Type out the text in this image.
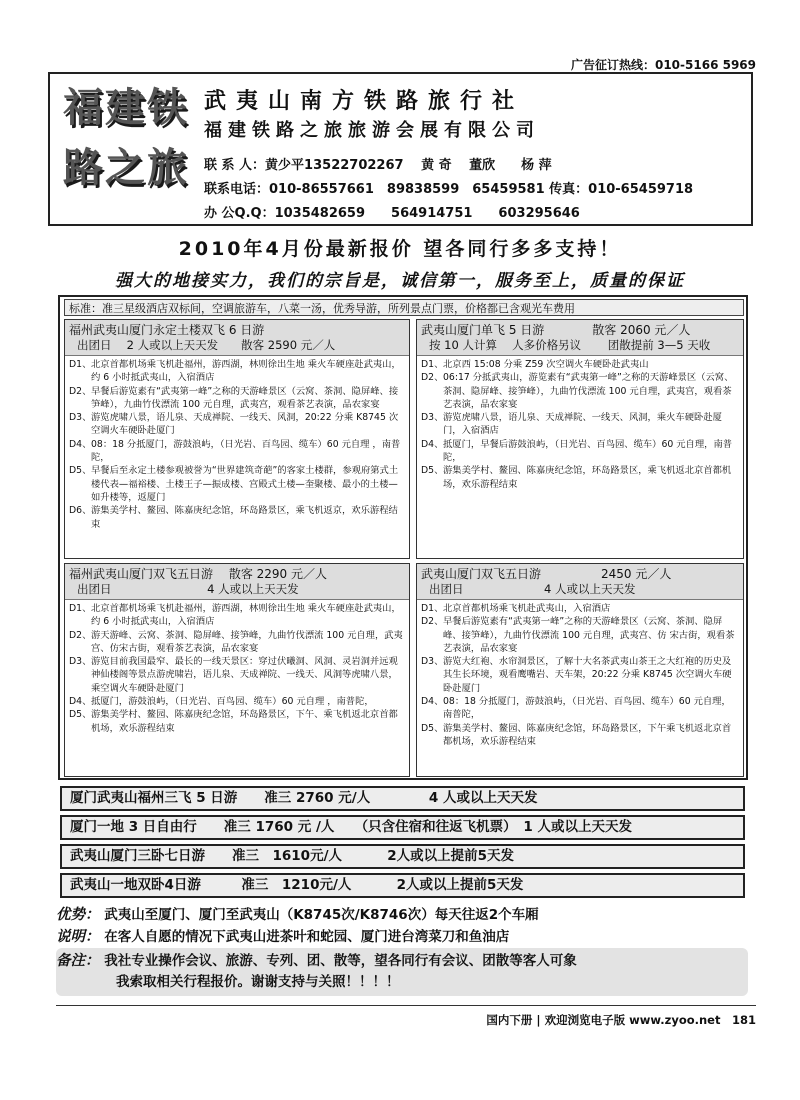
广告征订热线：010-5166 5969
福建铁
路之旅
武夷山南方铁路旅行社
福建铁路之旅旅游会展有限公司
联 系 人：黄少平13522702267　 黄 奇　 董欣　　杨 萍
联系电话：010-86557661　89838599　65459581 传真：010-65459718
办 公Q.Q：1035482659　　564914751　　603295646
2010年4月份最新报价 望各同行多多支持！
强大的地接实力，我们的宗旨是，诚信第一，服务至上，质量的保证
标准：准三星级酒店双标间，空调旅游车，八菜一汤，优秀导游，所列景点门票，价格都已含观光车费用
福州武夷山厦门永定土楼双飞 6 日游
出团日　 2 人或以上天天发　　散客 2590 元／人
D1、北京首都机场乘飞机赴福州，游西湖，林则徐出生地 乘火车硬座赴武夷山，约 6 小时抵武夷山，入宿酒店
D2、早餐后游览素有“武夷第一峰”之称的天游峰景区（云窝、茶洞、隐屏峰、接笋峰），九曲竹伐漂流 100 元自理，武夷宫，观看茶艺表演，品农家宴
D3、游览虎啸八景，语儿泉、天成禅院、一线天、风洞，20:22 分乘 K8745 次空调火车硬卧赴厦门
D4、08：18 分抵厦门，游鼓浪屿，（日光岩、百鸟园、缆车）60 元自理 ，南普陀，
D5、早餐后至永定土楼参观被誉为“世界建筑奇葩”的客家土楼群，参观府第式土楼代表—福裕楼、土楼王子—振成楼、宫殿式土楼—奎聚楼、最小的土楼—如升楼等，返厦门
D6、游集美学村、鳌园、陈嘉庚纪念馆，环岛路景区，乘飞机返京，欢乐游程结束
武夷山厦门单飞 5 日游　　　　散客 2060 元／人
按 10 人计算　 人多价格另议　　 团散提前 3—5 天收
D1、北京西 15:08 分乘 Z59 次空调火车硬卧赴武夷山
D2、06:17 分抵武夷山，游览素有“武夷第一峰”之称的天游峰景区（云窝、茶洞、隐屏峰、接笋峰），九曲竹伐漂流 100 元自理，武夷宫，观看茶艺表演，品农家宴
D3、游览虎啸八景，语儿泉、天成禅院、一线天、风洞，乘火车硬卧赴厦门，入宿酒店
D4、抵厦门，早餐后游鼓浪屿，（日光岩、百鸟园、缆车）60 元自理，南普陀，
D5、游集美学村、鳌园、陈嘉庚纪念馆，环岛路景区，乘飞机返北京首都机场，欢乐游程结束
福州武夷山厦门双飞五日游　 散客 2290 元／人
出团日　　　　　　　　 4 人或以上天天发
D1、北京首都机场乘飞机赴福州，游西湖，林则徐出生地 乘火车硬座赴武夷山，约 6 小时抵武夷山，入宿酒店
D2、游天游峰、云窝、茶洞、隐屏峰、接笋峰，九曲竹伐漂流 100 元自理，武夷宫、仿宋古街，观看茶艺表演，品农家宴
D3、游览目前我国最窄、最长的一线天景区：穿过伏曦洞、风洞、灵岩洞并远观神仙楼阁等景点游虎啸岩，语儿泉、天成禅院、一线天、风洞等虎啸八景，乘空调火车硬卧赴厦门
D4、抵厦门，游鼓浪屿，（日光岩、百鸟园、缆车）60 元自理 ，南普陀，
D5、游集美学村、鳌园、陈嘉庚纪念馆，环岛路景区，下午、乘飞机返北京首都机场，欢乐游程结束
武夷山厦门双飞五日游　　　　　2450 元／人
出团日　　　　　　　4 人或以上天天发
D1、北京首都机场乘飞机赴武夷山，入宿酒店
D2、早餐后游览素有“武夷第一峰”之称的天游峰景区（云窝、茶洞、隐屏峰、接笋峰），九曲竹伐漂流 100 元自理，武夷宫、仿 宋古街，观看茶艺表演，品农家宴
D3、游览大红袍、水帘洞景区，了解十大名茶武夷山茶王之大红袍的历史及其生长环境，观看鹰嘴岩、天车架，20:22 分乘 K8745 次空调火车硬卧赴厦门
D4、08：18 分抵厦门，游鼓浪屿，（日光岩、百鸟园、缆车）60 元自理，南普陀，
D5、游集美学村、鳌园、陈嘉庚纪念馆，环岛路景区，下午乘飞机返北京首都机场，欢乐游程结束
厦门武夷山福州三飞 5 日游　　准三 2760 元/人　　　　 4 人或以上天天发
厦门一地 3 日自由行　　准三 1760 元 /人　　（只含住宿和往返飞机票）　1 人或以上天天发
武夷山厦门三卧七日游　　准三　1610元/人　　　 2人或以上提前5天发
武夷山一地双卧4日游　　　准三　1210元/人　　　 2人或以上提前5天发
优势： 武夷山至厦门、厦门至武夷山（K8745次/K8746次）每天往返2个车厢
说明： 在客人自愿的情况下武夷山进茶叶和蛇园、厦门进台湾菜刀和鱼油店
备注： 我社专业操作会议、旅游、专列、团、散等，望各同行有会议、团散等客人可象
我索取相关行程报价。谢谢支持与关照！！！！
国内下册 | 欢迎浏览电子版 www.zyoo.net　181
